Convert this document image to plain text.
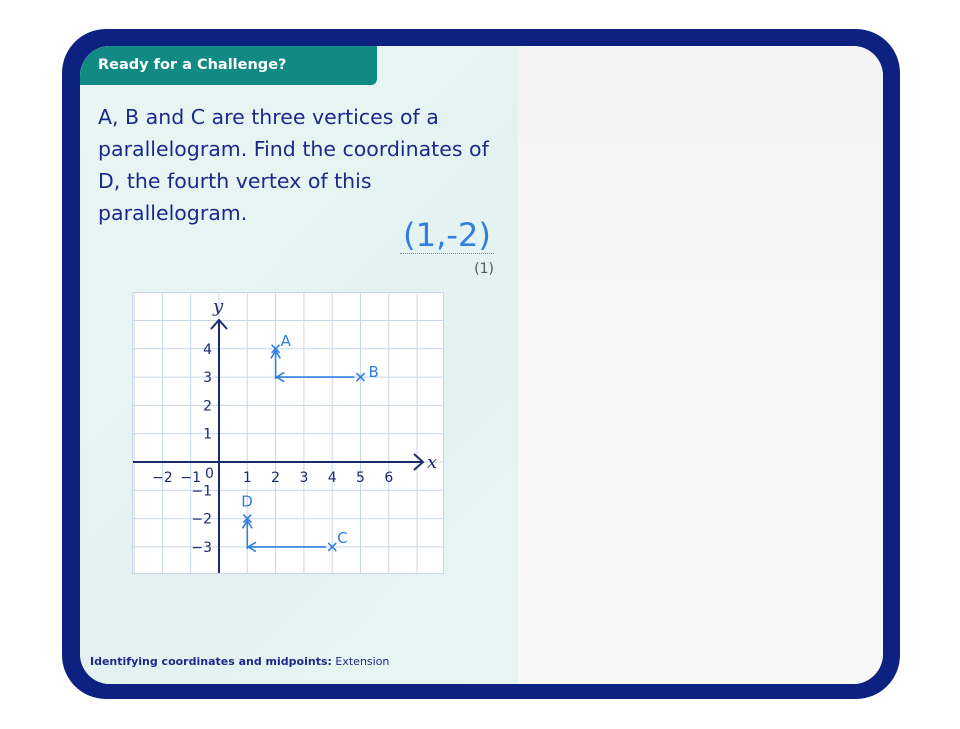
Ready for a Challenge?
A, B and C are three vertices of a parallelogram. Find the coordinates of D, the fourth vertex of this parallelogram.
(1,-2)
(1)
x
y
−2 −1	1 2 3 4 5 6
−3
−2
−1
1
2
3
4
0
A
B
C
D
Identifying coordinates and midpoints: Extension
